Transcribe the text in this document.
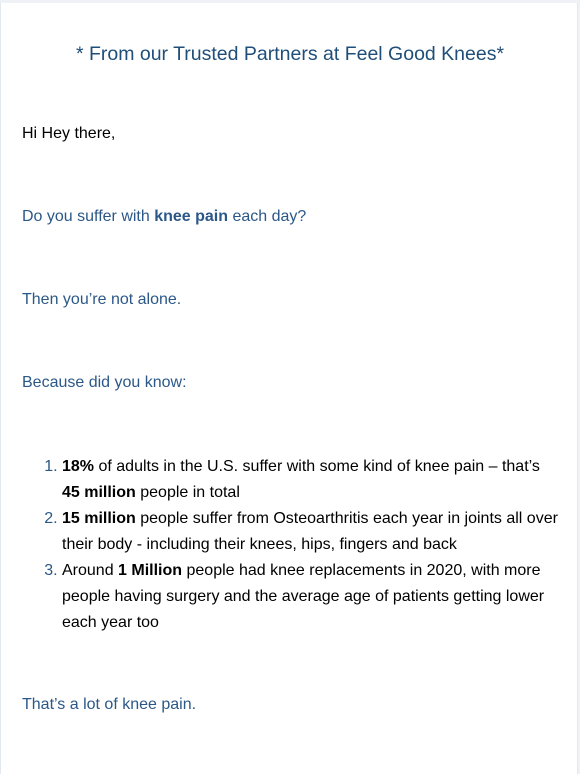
* From our Trusted Partners at Feel Good Knees*

Hi Hey there,

Do you suffer with knee pain each day?

Then you’re not alone.

Because did you know:

1. 18% of adults in the U.S. suffer with some kind of knee pain – that’s 45 million people in total
2. 15 million people suffer from Osteoarthritis each year in joints all over their body - including their knees, hips, fingers and back
3. Around 1 Million people had knee replacements in 2020, with more people having surgery and the average age of patients getting lower each year too

That’s a lot of knee pain.
